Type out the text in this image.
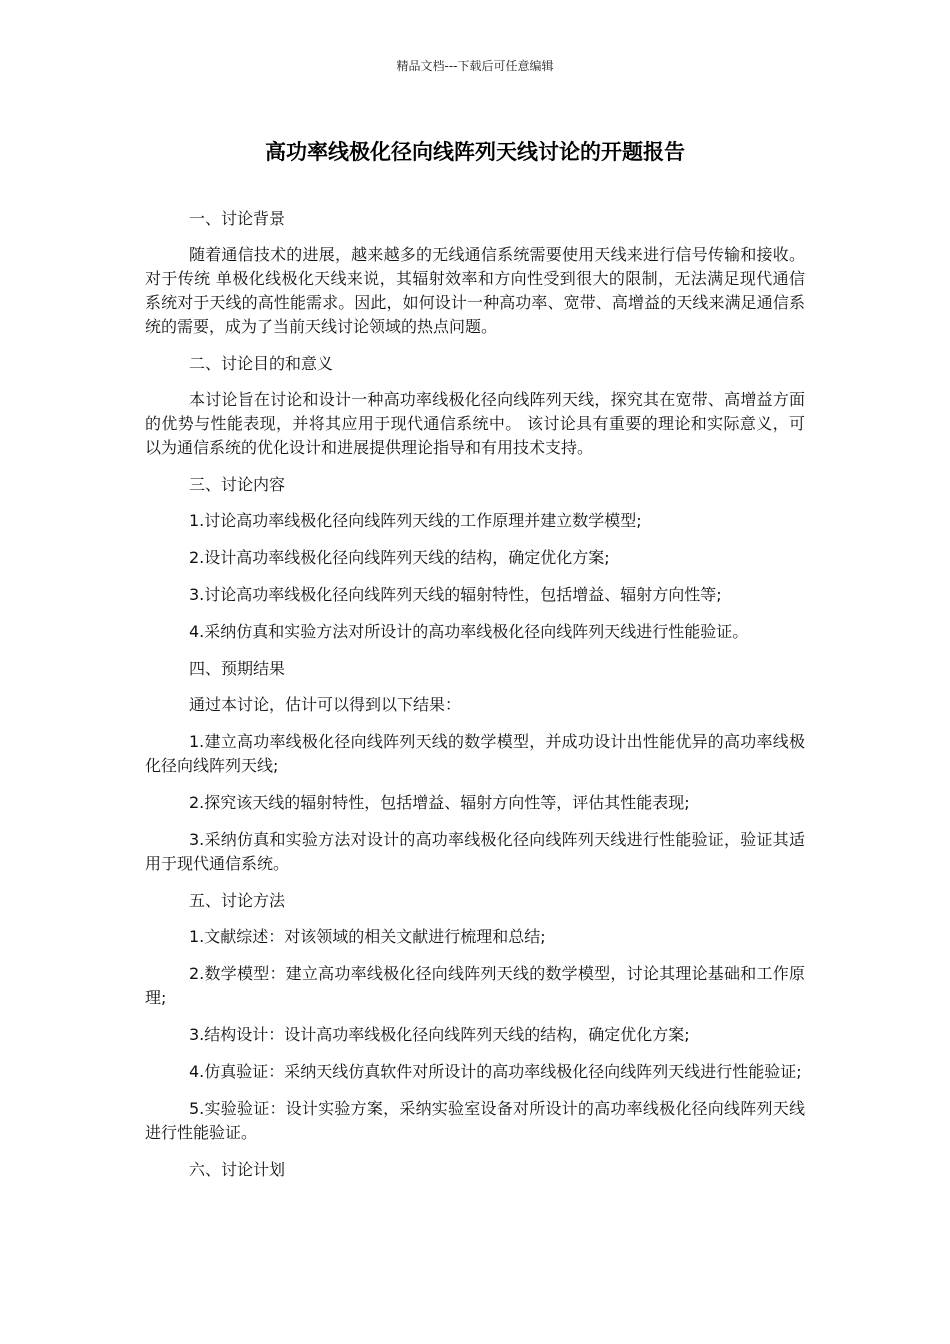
精品文档---下载后可任意编辑
高功率线极化径向线阵列天线讨论的开题报告

一、讨论背景

随着通信技术的进展，越来越多的无线通信系统需要使用天线来进行信号传输和接收。对于传统 单极化线极化天线来说，其辐射效率和方向性受到很大的限制，无法满足现代通信系统对于天线的高性能需求。因此，如何设计一种高功率、宽带、高增益的天线来满足通信系统的需要，成为了当前天线讨论领域的热点问题。

二、讨论目的和意义

本讨论旨在讨论和设计一种高功率线极化径向线阵列天线，探究其在宽带、高增益方面的优势与性能表现，并将其应用于现代通信系统中。 该讨论具有重要的理论和实际意义，可以为通信系统的优化设计和进展提供理论指导和有用技术支持。

三、讨论内容

1.讨论高功率线极化径向线阵列天线的工作原理并建立数学模型;

2.设计高功率线极化径向线阵列天线的结构，确定优化方案;

3.讨论高功率线极化径向线阵列天线的辐射特性，包括增益、辐射方向性等;

4.采纳仿真和实验方法对所设计的高功率线极化径向线阵列天线进行性能验证。

四、预期结果

通过本讨论，估计可以得到以下结果：

1.建立高功率线极化径向线阵列天线的数学模型，并成功设计出性能优异的高功率线极化径向线阵列天线;

2.探究该天线的辐射特性，包括增益、辐射方向性等，评估其性能表现;

3.采纳仿真和实验方法对设计的高功率线极化径向线阵列天线进行性能验证，验证其适用于现代通信系统。

五、讨论方法

1.文献综述：对该领域的相关文献进行梳理和总结;

2.数学模型：建立高功率线极化径向线阵列天线的数学模型，讨论其理论基础和工作原理;

3.结构设计：设计高功率线极化径向线阵列天线的结构，确定优化方案;

4.仿真验证：采纳天线仿真软件对所设计的高功率线极化径向线阵列天线进行性能验证;

5.实验验证：设计实验方案，采纳实验室设备对所设计的高功率线极化径向线阵列天线进行性能验证。

六、讨论计划
